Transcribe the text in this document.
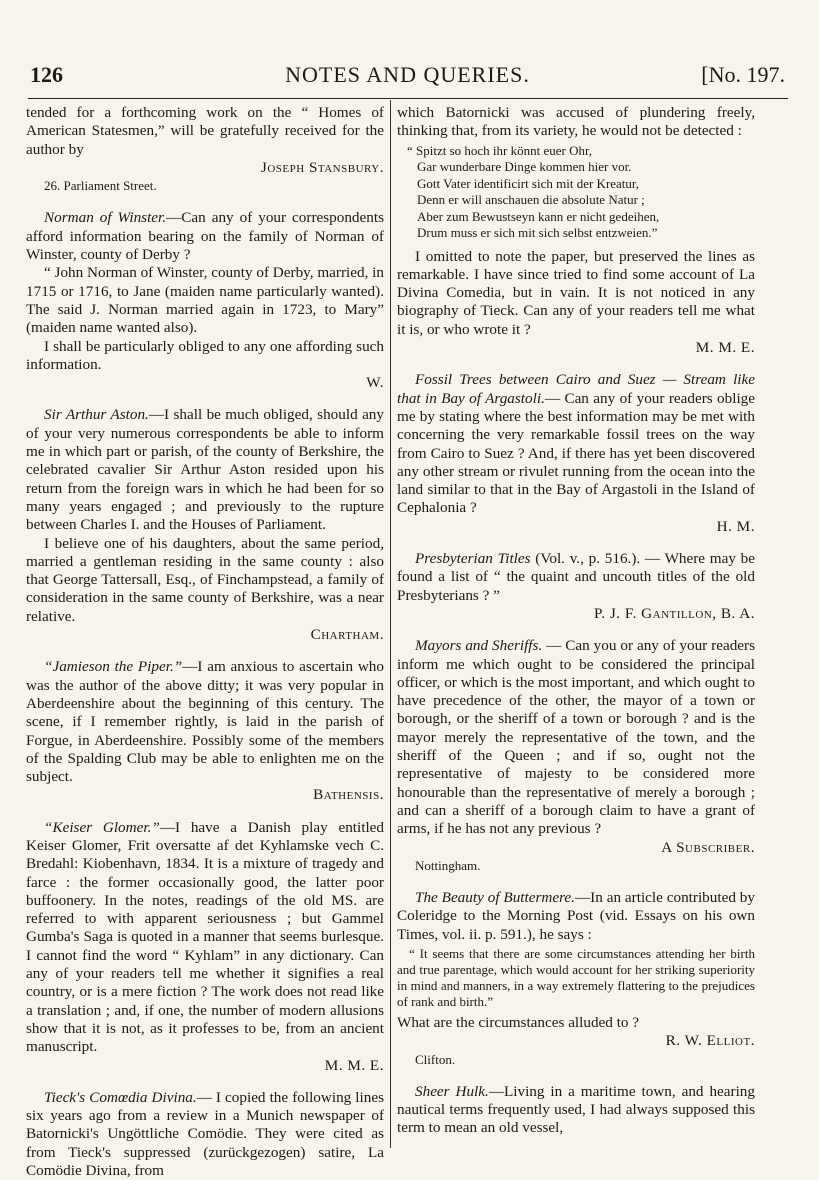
126	NOTES AND QUERIES.	[No. 197.

tended for a forthcoming work on the “ Homes of American Statesmen,” will be gratefully received for the author by

Joseph Stansbury.
26. Parliament Street.

Norman of Winster.—Can any of your correspondents afford information bearing on the family of Norman of Winster, county of Derby ?

“ John Norman of Winster, county of Derby, married, in 1715 or 1716, to Jane (maiden name particularly wanted). The said J. Norman married again in 1723, to Mary” (maiden name wanted also).

I shall be particularly obliged to any one affording such information.

W.

Sir Arthur Aston.—I shall be much obliged, should any of your very numerous correspondents be able to inform me in which part or parish, of the county of Berkshire, the celebrated cavalier Sir Arthur Aston resided upon his return from the foreign wars in which he had been for so many years engaged ; and previously to the rupture between Charles I. and the Houses of Parliament.

I believe one of his daughters, about the same period, married a gentleman residing in the same county : also that George Tattersall, Esq., of Finchampstead, a family of consideration in the same county of Berkshire, was a near relative.

Chartham.

“Jamieson the Piper.”—I am anxious to ascertain who was the author of the above ditty; it was very popular in Aberdeenshire about the beginning of this century. The scene, if I remember rightly, is laid in the parish of Forgue, in Aberdeenshire. Possibly some of the members of the Spalding Club may be able to enlighten me on the subject.

Bathensis.

“Keiser Glomer.”—I have a Danish play entitled Keiser Glomer, Frit oversatte af det Kyhlamske vech C. Bredahl: Kiobenhavn, 1834. It is a mixture of tragedy and farce : the former occasionally good, the latter poor buffoonery. In the notes, readings of the old MS. are referred to with apparent seriousness ; but Gammel Gumba's Saga is quoted in a manner that seems burlesque. I cannot find the word “ Kyhlam” in any dictionary. Can any of your readers tell me whether it signifies a real country, or is a mere fiction ? The work does not read like a translation ; and, if one, the number of modern allusions show that it is not, as it professes to be, from an ancient manuscript.

M. M. E.

Tieck's Comœdia Divina.— I copied the following lines six years ago from a review in a Munich newspaper of Batornicki's Ungöttliche Comödie. They were cited as from Tieck's suppressed (zurückgezogen) satire, La Comödie Divina, from

which Batornicki was accused of plundering freely, thinking that, from its variety, he would not be detected :

“ Spitzt so hoch ihr könnt euer Ohr,
Gar wunderbare Dinge kommen hier vor.
Gott Vater identificirt sich mit der Kreatur,
Denn er will anschauen die absolute Natur ;
Aber zum Bewustseyn kann er nicht gedeihen,
Drum muss er sich mit sich selbst entzweien.”

I omitted to note the paper, but preserved the lines as remarkable. I have since tried to find some account of La Divina Comedia, but in vain. It is not noticed in any biography of Tieck. Can any of your readers tell me what it is, or who wrote it ?

M. M. E.

Fossil Trees between Cairo and Suez — Stream like that in Bay of Argastoli.— Can any of your readers oblige me by stating where the best information may be met with concerning the very remarkable fossil trees on the way from Cairo to Suez ? And, if there has yet been discovered any other stream or rivulet running from the ocean into the land similar to that in the Bay of Argastoli in the Island of Cephalonia ?

H. M.

Presbyterian Titles (Vol. v., p. 516.). — Where may be found a list of “ the quaint and uncouth titles of the old Presbyterians ? ”

P. J. F. Gantillon, B. A.

Mayors and Sheriffs. — Can you or any of your readers inform me which ought to be considered the principal officer, or which is the most important, and which ought to have precedence of the other, the mayor of a town or borough, or the sheriff of a town or borough ? and is the mayor merely the representative of the town, and the sheriff of the Queen ; and if so, ought not the representative of majesty to be considered more honourable than the representative of merely a borough ; and can a sheriff of a borough claim to have a grant of arms, if he has not any previous ?

A Subscriber.
Nottingham.

The Beauty of Buttermere.—In an article contributed by Coleridge to the Morning Post (vid. Essays on his own Times, vol. ii. p. 591.), he says :

“ It seems that there are some circumstances attending her birth and true parentage, which would account for her striking superiority in mind and manners, in a way extremely flattering to the prejudices of rank and birth.”

What are the circumstances alluded to ?

R. W. Elliot.
Clifton.

Sheer Hulk.—Living in a maritime town, and hearing nautical terms frequently used, I had always supposed this term to mean an old vessel,
